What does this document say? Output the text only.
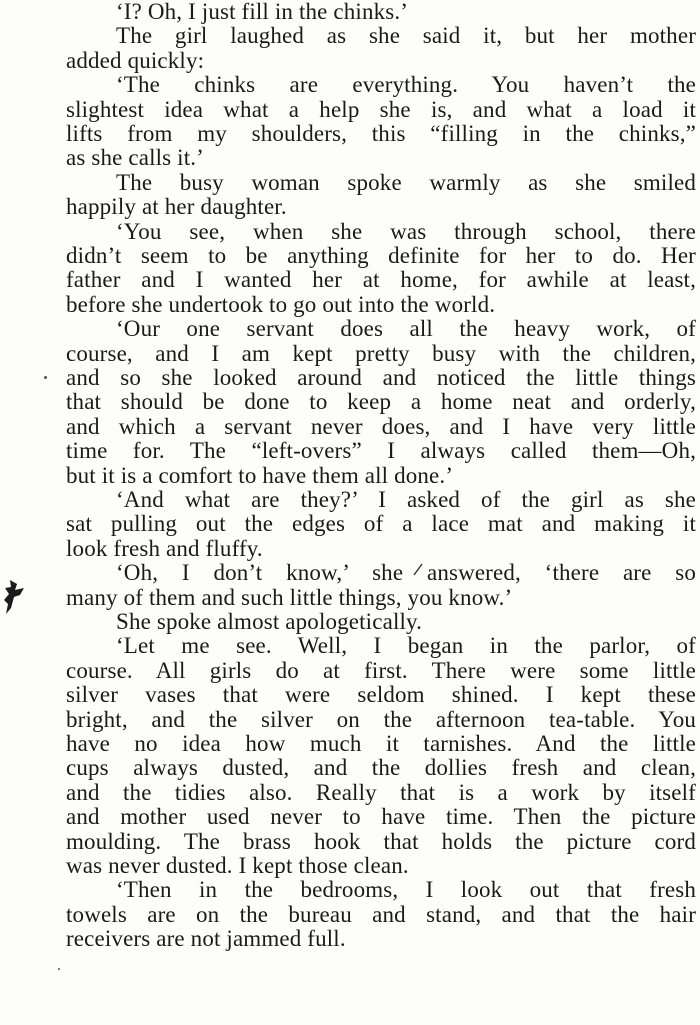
‘I? Oh, I just fill in the chinks.’
The girl laughed as she said it, but her mother
added quickly:
‘The chinks are everything. You haven’t the
slightest idea what a help she is, and what a load it
lifts from my shoulders, this “filling in the chinks,”
as she calls it.’
The busy woman spoke warmly as she smiled
happily at her daughter.
‘You see, when she was through school, there
didn’t seem to be anything definite for her to do. Her
father and I wanted her at home, for awhile at least,
before she undertook to go out into the world.
‘Our one servant does all the heavy work, of
course, and I am kept pretty busy with the children,
and so she looked around and noticed the little things
that should be done to keep a home neat and orderly,
and which a servant never does, and I have very little
time for. The “left-overs” I always called them—Oh,
but it is a comfort to have them all done.’
‘And what are they?’ I asked of the girl as she
sat pulling out the edges of a lace mat and making it
look fresh and fluffy.
‘Oh, I don’t know,’ she answered, ‘there are so
many of them and such little things, you know.’
She spoke almost apologetically.
‘Let me see. Well, I began in the parlor, of
course. All girls do at first. There were some little
silver vases that were seldom shined. I kept these
bright, and the silver on the afternoon tea-table. You
have no idea how much it tarnishes. And the little
cups always dusted, and the dollies fresh and clean,
and the tidies also. Really that is a work by itself
and mother used never to have time. Then the picture
moulding. The brass hook that holds the picture cord
was never dusted. I kept those clean.
‘Then in the bedrooms, I look out that fresh
towels are on the bureau and stand, and that the hair
receivers are not jammed full.
